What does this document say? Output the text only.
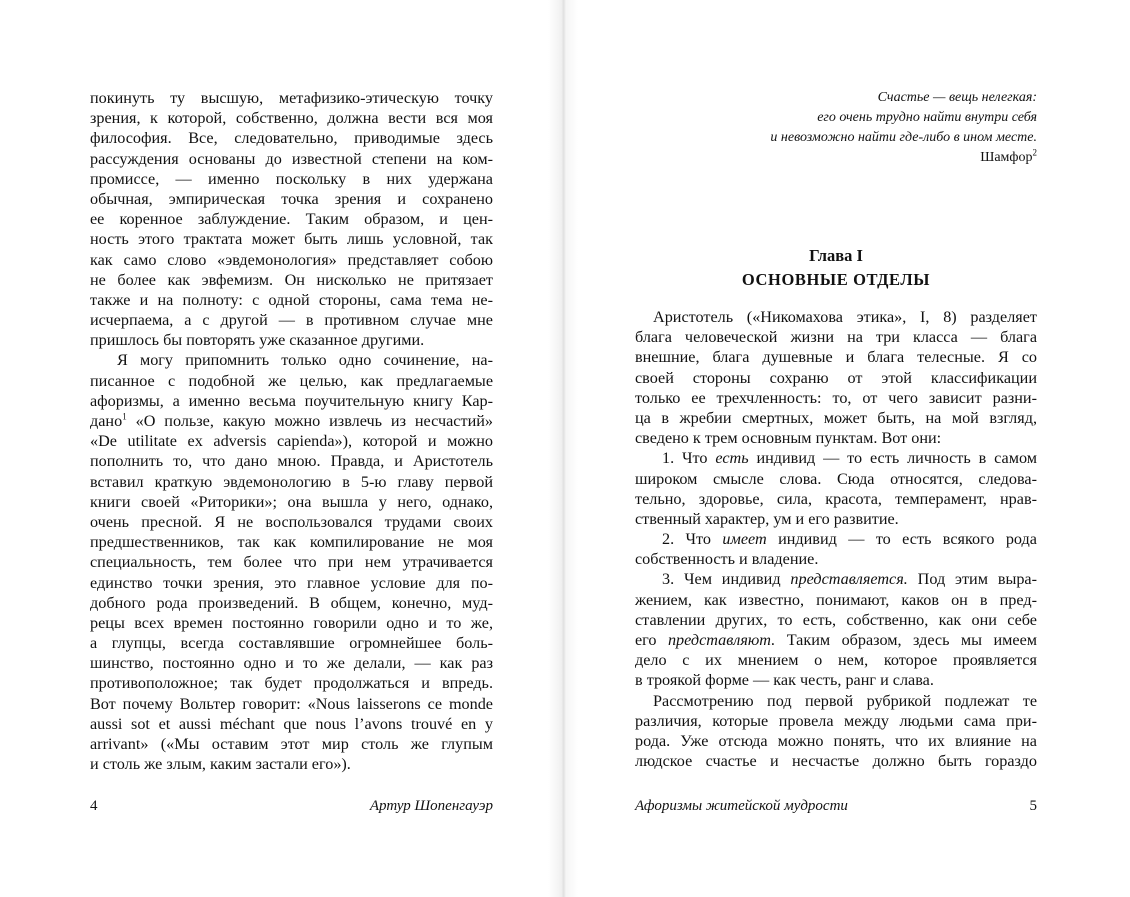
покинуть ту высшую, метафизико-этическую точку
зрения, к которой, собственно, должна вести вся моя
философия. Все, следовательно, приводимые здесь
рассуждения основаны до известной степени на ком-
промиссе, — именно поскольку в них удержана
обычная, эмпирическая точка зрения и сохранено
ее коренное заблуждение. Таким образом, и цен-
ность этого трактата может быть лишь условной, так
как само слово «эвдемонология» представляет собою
не более как эвфемизм. Он нисколько не притязает
также и на полноту: с одной стороны, сама тема не-
исчерпаема, а с другой — в противном случае мне
пришлось бы повторять уже сказанное другими.
Я могу припомнить только одно сочинение, на-
писанное с подобной же целью, как предлагаемые
афоризмы, а именно весьма поучительную книгу Кар-
дано$^1$ «О пользе, какую можно извлечь из несчастий»
«De utilitate ex adversis capienda»), которой и можно
пополнить то, что дано мною. Правда, и Аристотель
вставил краткую эвдемонологию в 5-ю главу первой
книги своей «Риторики»; она вышла у него, однако,
очень пресной. Я не воспользовался трудами своих
предшественников, так как компилирование не моя
специальность, тем более что при нем утрачивается
единство точки зрения, это главное условие для по-
добного рода произведений. В общем, конечно, муд-
рецы всех времен постоянно говорили одно и то же,
а глупцы, всегда составлявшие огромнейшее боль-
шинство, постоянно одно и то же делали, — как раз
противоположное; так будет продолжаться и впредь.
Вот почему Вольтер говорит: «Nous laisserons ce monde
aussi sot et aussi méchant que nous l’avons trouvé en y
arrivant» («Мы оставим этот мир столь же глупым
и столь же злым, каким застали его»).
4	Артур Шопенгауэр
Счастье — вещь нелегкая:
его очень трудно найти внутри себя
и невозможно найти где-либо в ином месте.
Шамфор$^2$
Глава I
ОСНОВНЫЕ ОТДЕЛЫ
Аристотель («Никомахова этика», I, 8) разделяет
блага человеческой жизни на три класса — блага
внешние, блага душевные и блага телесные. Я со
своей стороны сохраню от этой классификации
только ее трехчленность: то, от чего зависит разни-
ца в жребии смертных, может быть, на мой взгляд,
сведено к трем основным пунктам. Вот они:
1. Что есть индивид — то есть личность в самом
широком смысле слова. Сюда относятся, следова-
тельно, здоровье, сила, красота, темперамент, нрав-
ственный характер, ум и его развитие.
2. Что имеет индивид — то есть всякого рода
собственность и владение.
3. Чем индивид представляется. Под этим выра-
жением, как известно, понимают, каков он в пред-
ставлении других, то есть, собственно, как они себе
его представляют. Таким образом, здесь мы имеем
дело с их мнением о нем, которое проявляется
в троякой форме — как честь, ранг и слава.
Рассмотрению под первой рубрикой подлежат те
различия, которые провела между людьми сама при-
рода. Уже отсюда можно понять, что их влияние на
людское счастье и несчастье должно быть гораздо
Афоризмы житейской мудрости	5
